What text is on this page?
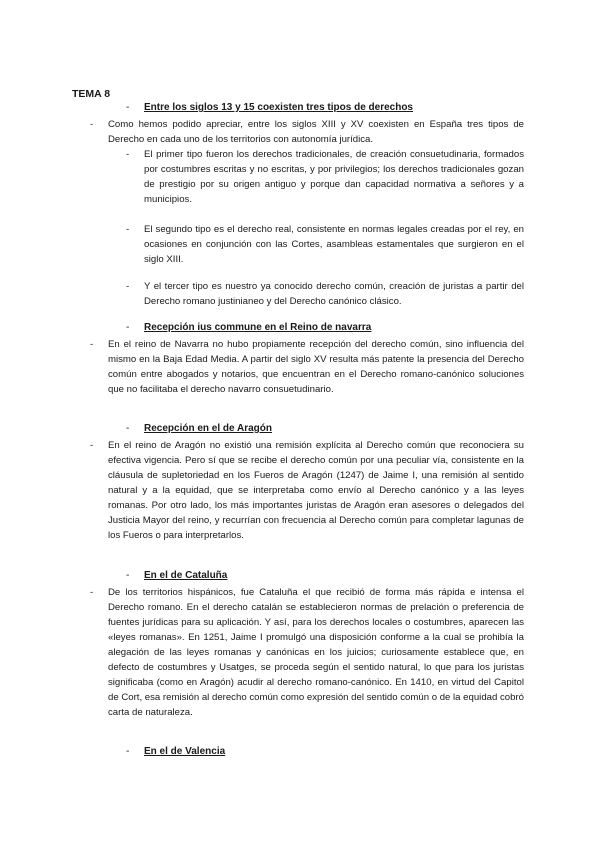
TEMA 8
- Entre los siglos 13 y 15 coexisten tres tipos de derechos
- Como hemos podido apreciar, entre los siglos XIII y XV coexisten en España tres tipos de Derecho en cada uno de los territorios con autonomía jurídica.
- El primer tipo fueron los derechos tradicionales, de creación consuetudinaria, formados por costumbres escritas y no escritas, y por privilegios; los derechos tradicionales gozan de prestigio por su origen antiguo y porque dan capacidad normativa a señores y a municipios.
- El segundo tipo es el derecho real, consistente en normas legales creadas por el rey, en ocasiones en conjunción con las Cortes, asambleas estamentales que surgieron en el siglo XIII.
- Y el tercer tipo es nuestro ya conocido derecho común, creación de juristas a partir del Derecho romano justinianeo y del Derecho canónico clásico.
- Recepción ius commune en el Reino de navarra
- En el reino de Navarra no hubo propiamente recepción del derecho común, sino influencia del mismo en la Baja Edad Media. A partir del siglo XV resulta más patente la presencia del Derecho común entre abogados y notarios, que encuentran en el Derecho romano-canónico soluciones que no facilitaba el derecho navarro consuetudinario.
- Recepción en el de Aragón
- En el reino de Aragón no existió una remisión explícita al Derecho común que reconociera su efectiva vigencia. Pero sí que se recibe el derecho común por una peculiar vía, consistente en la cláusula de supletoriedad en los Fueros de Aragón (1247) de Jaime I, una remisión al sentido natural y a la equidad, que se interpretaba como envío al Derecho canónico y a las leyes romanas. Por otro lado, los más importantes juristas de Aragón eran asesores o delegados del Justicia Mayor del reino, y recurrían con frecuencia al Derecho común para completar lagunas de los Fueros o para interpretarlos.
- En el de Cataluña
- De los territorios hispánicos, fue Cataluña el que recibió de forma más rápida e intensa el Derecho romano. En el derecho catalán se establecieron normas de prelación o preferencia de fuentes jurídicas para su aplicación. Y así, para los derechos locales o costumbres, aparecen las «leyes romanas». En 1251, Jaime I promulgó una disposición conforme a la cual se prohibía la alegación de las leyes romanas y canónicas en los juicios; curiosamente establece que, en defecto de costumbres y Usatges, se proceda según el sentido natural, lo que para los juristas significaba (como en Aragón) acudir al derecho romano-canónico. En 1410, en virtud del Capitol de Cort, esa remisión al derecho común como expresión del sentido común o de la equidad cobró carta de naturaleza.
- En el de Valencia
